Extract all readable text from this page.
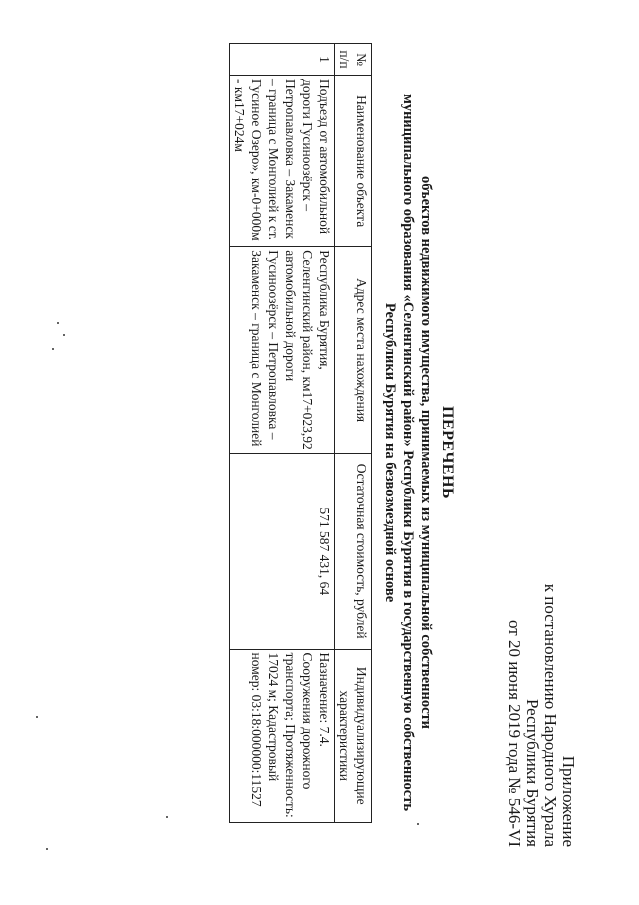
Приложение
к постановлению Народного Хурала
Республики Бурятия
от 20 июня 2019 года № 546-VI
ПЕРЕЧЕНЬ
объектов недвижимого имущества, принимаемых из муниципальной собственности
муниципального образования «Селенгинский район» Республики Бурятия в государственную собственность
Республики Бурятия на безвозмездной основе
№ п/п	Наименование объекта	Адрес места нахождения	Остаточная стоимость, рублей	Индивидуализирующие характеристики
1	Подъезд от автомобильной дороги Гусиноозёрск – Петропавловка – Закаменск – граница с Монголией к ст. Гусиное Озеро», км-0+000м - км17+024м	Республика Бурятия, Селенгинский район, км17+023,92 автомобильной дороги Гусиноозёрск – Петропавловка – Закаменск – граница с Монголией	571 587 431, 64	Назначение: 7.4. Сооружения дорожного транспорта; Протяженность: 17024 м; Кадастровый номер: 03:18:000000:11527
